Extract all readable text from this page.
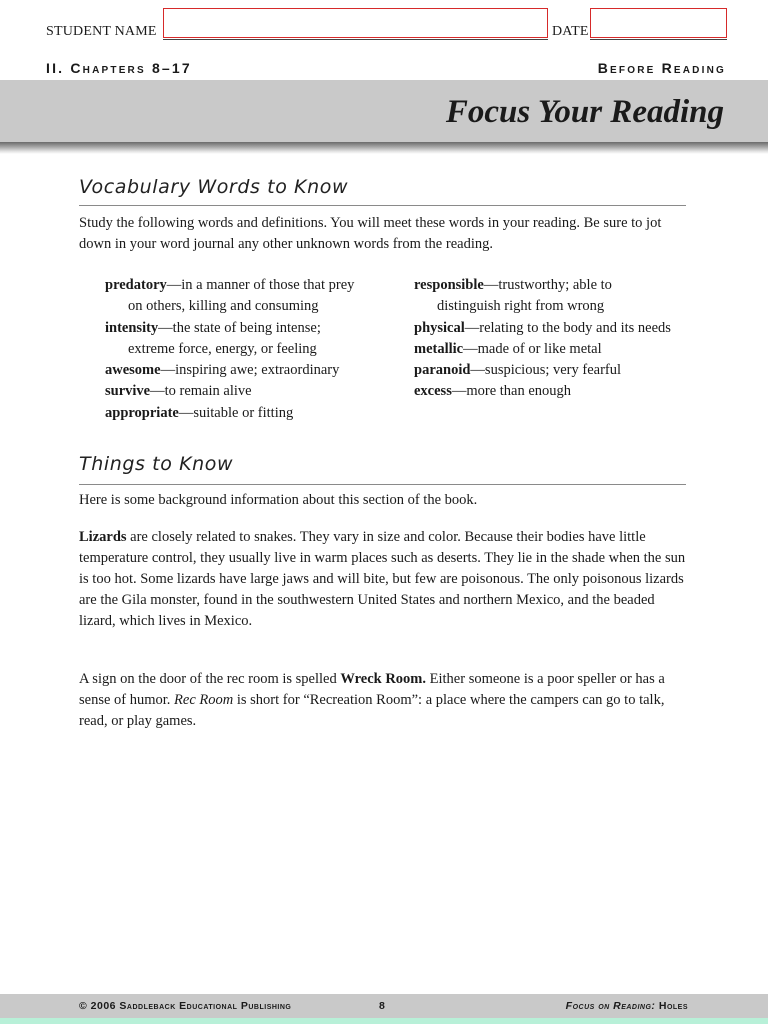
STUDENT NAME	DATE
II. Chapters 8–17	Before Reading
Focus Your Reading
Vocabulary Words to Know
Study the following words and definitions. You will meet these words in your reading. Be sure to jot down in your word journal any other unknown words from the reading.
predatory—in a manner of those that prey
on others, killing and consuming
intensity—the state of being intense;
extreme force, energy, or feeling
awesome—inspiring awe; extraordinary
survive—to remain alive
appropriate—suitable or fitting
responsible—trustworthy; able to
distinguish right from wrong
physical—relating to the body and its needs
metallic—made of or like metal
paranoid—suspicious; very fearful
excess—more than enough
Things to Know
Here is some background information about this section of the book.
Lizards are closely related to snakes. They vary in size and color. Because their bodies have little temperature control, they usually live in warm places such as deserts. They lie in the shade when the sun is too hot. Some lizards have large jaws and will bite, but few are poisonous. The only poisonous lizards are the Gila monster, found in the southwestern United States and northern Mexico, and the beaded lizard, which lives in Mexico.
A sign on the door of the rec room is spelled Wreck Room. Either someone is a poor speller or has a sense of humor. Rec Room is short for “Recreation Room”: a place where the campers can go to talk, read, or play games.
© 2006 Saddleback Educational Publishing	8	Focus on Reading: Holes
